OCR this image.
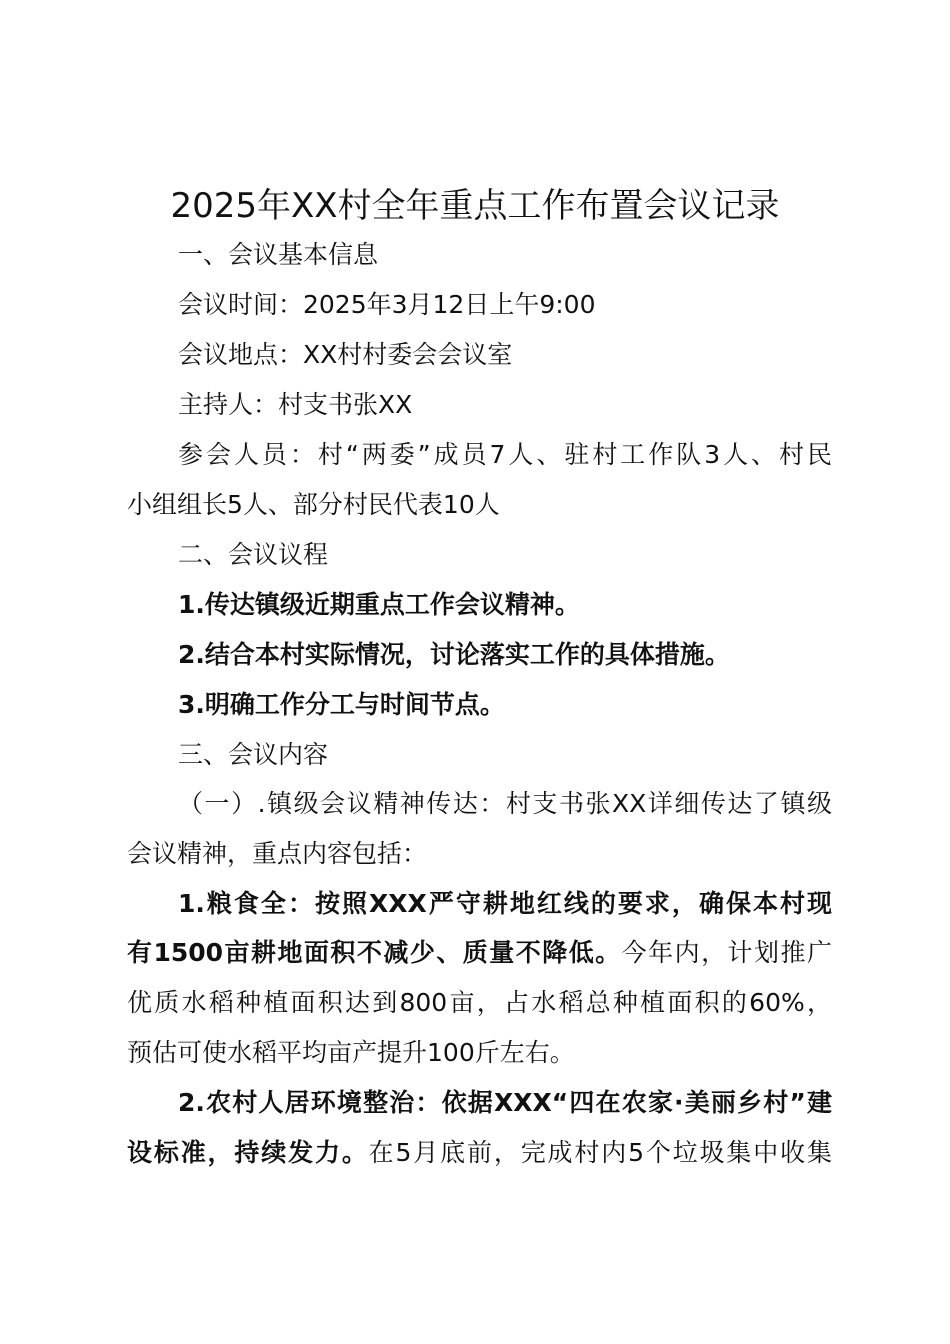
2025年XX村全年重点工作布置会议记录

一、会议基本信息

会议时间：2025年3月12日上午9:00

会议地点：XX村村委会会议室

主持人：村支书张XX

参会人员：村“两委”成员7人、驻村工作队3人、村民

小组组长5人、部分村民代表10人

二、会议议程

1.传达镇级近期重点工作会议精神。

2.结合本村实际情况，讨论落实工作的具体措施。

3.明确工作分工与时间节点。

三、会议内容

（一）.镇级会议精神传达：村支书张XX详细传达了镇级

会议精神，重点内容包括：

1.粮食全：按照XXX严守耕地红线的要求，确保本村现

有1500亩耕地面积不减少、质量不降低。今年内，计划推广

优质水稻种植面积达到800亩，占水稻总种植面积的60%，

预估可使水稻平均亩产提升100斤左右。

2.农村人居环境整治：依据XXX“四在农家·美丽乡村”建

设标准，持续发力。在5月底前，完成村内5个垃圾集中收集
